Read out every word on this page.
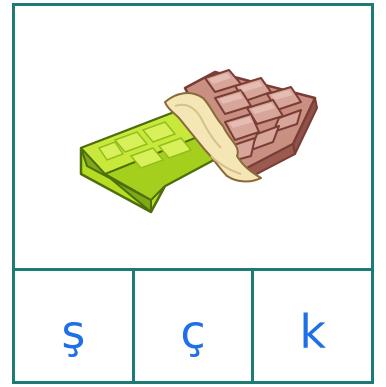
ş ç k
